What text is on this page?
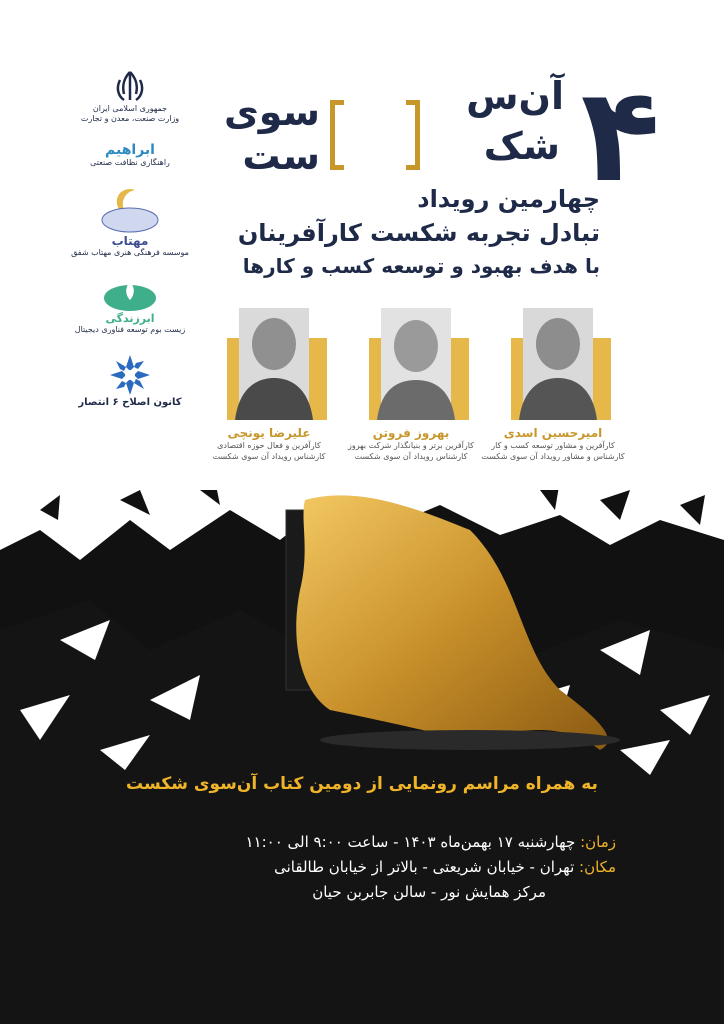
جمهوری اسلامی ایران
وزارت صنعت، معدن و تجارت
ابراهیم
راهنگاری نظافت صنعتی
مهتاب
موسسه فرهنگی هنری مهتاب شفق
ابرزندگی
زیست بوم توسعه فناوری دیجیتال
کانون اصلاح ۶ انتصار
۴
آن‌س
سوی
شک
ست
چهارمین رویداد
تبادل تجربه شکست کارآفرینان
با هدف بهبود و توسعه کسب و کارها
امیرحسین اسدی
کارآفرین و مشاور توسعه کسب و کار
کارشناس و مشاور رویداد آن سوی شکست
بهروز فروتن
کارآفرین برتر و بنیانگذار شرکت بهروز
کارشناس رویداد آن سوی شکست
علیرضا یونچی
کارآفرین و فعال حوزه اقتصادی
کارشناس رویداد آن سوی شکست
به همراه مراسم رونمایی از دومین کتاب آن‌سوی شکست
زمان: چهارشنبه ۱۷ بهمن‌ماه ۱۴۰۳ - ساعت ۹:۰۰ الی ۱۱:۰۰
مکان: تهران - خیابان شریعتی - بالاتر از خیابان طالقانی
مرکز همایش نور - سالن جابربن حیان
